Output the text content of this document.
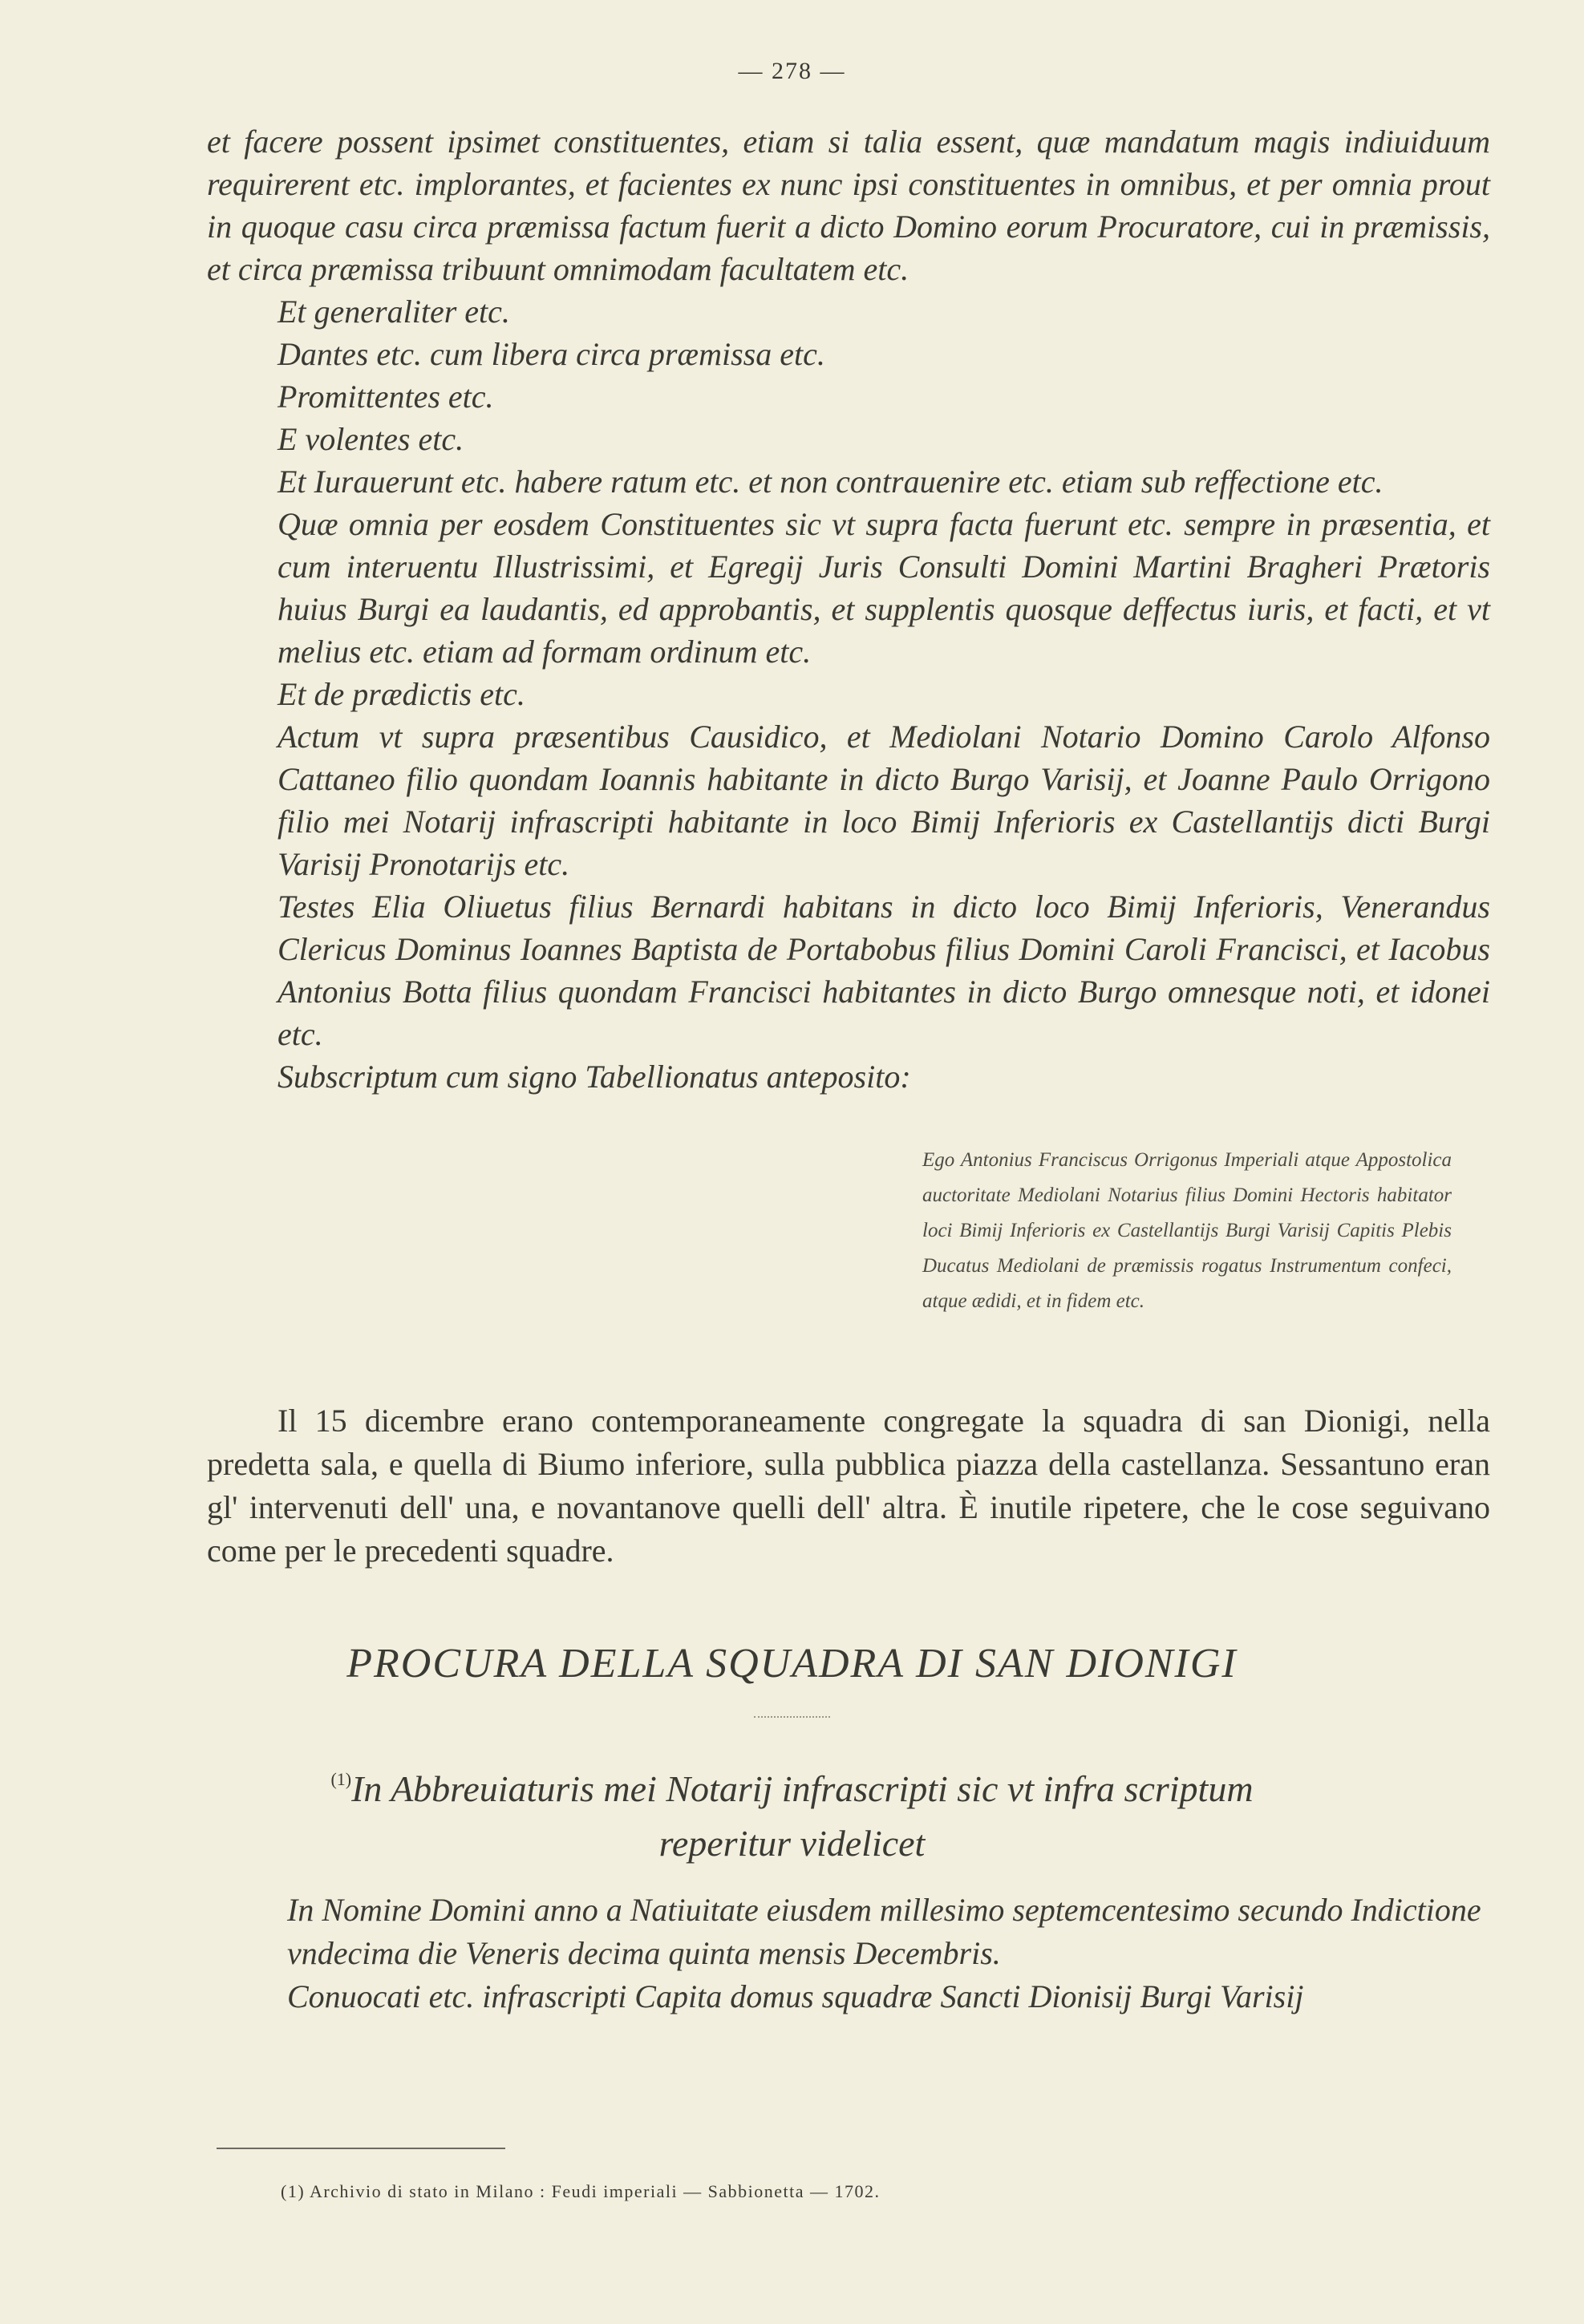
— 278 —

et facere possent ipsimet constituentes, etiam si talia essent, quæ mandatum magis indiuiduum requirerent etc. implorantes, et facientes ex nunc ipsi constituentes in omnibus, et per omnia prout in quoque casu circa præmissa factum fuerit a dicto Domino eorum Procuratore, cui in præmissis, et circa præmissa tribuunt omnimodam facultatem etc.

Et generaliter etc.

Dantes etc. cum libera circa præmissa etc.

Promittentes etc.

E volentes etc.

Et Iurauerunt etc. habere ratum etc. et non contrauenire etc. etiam sub reffectione etc.

Quæ omnia per eosdem Constituentes sic vt supra facta fuerunt etc. sempre in præsentia, et cum interuentu Illustrissimi, et Egregij Juris Consulti Domini Martini Bragheri Prætoris huius Burgi ea laudantis, ed approbantis, et supplentis quosque deffectus iuris, et facti, et vt melius etc. etiam ad formam ordinum etc.

Et de prædictis etc.

Actum vt supra præsentibus Causidico, et Mediolani Notario Domino Carolo Alfonso Cattaneo filio quondam Ioannis habitante in dicto Burgo Varisij, et Joanne Paulo Orrigono filio mei Notarij infrascripti habitante in loco Bimij Inferioris ex Castellantijs dicti Burgi Varisij Pronotarijs etc.

Testes Elia Oliuetus filius Bernardi habitans in dicto loco Bimij Inferioris, Venerandus Clericus Dominus Ioannes Baptista de Portabobus filius Domini Caroli Francisci, et Iacobus Antonius Botta filius quondam Francisci habitantes in dicto Burgo omnesque noti, et idonei etc.

Subscriptum cum signo Tabellionatus anteposito:

Ego Antonius Franciscus Orrigonus Imperiali atque Appostolica auctoritate Mediolani Notarius filius Domini Hectoris habitator loci Bimij Inferioris ex Castellantijs Burgi Varisij Capitis Plebis Ducatus Mediolani de præmissis rogatus Instrumentum confeci, atque ædidi, et in fidem etc.

Il 15 dicembre erano contemporaneamente congregate la squadra di san Dionigi, nella predetta sala, e quella di Biumo inferiore, sulla pubblica piazza della castellanza. Sessantuno eran gl' intervenuti dell' una, e novantanove quelli dell' altra. È inutile ripetere, che le cose seguivano come per le precedenti squadre.

PROCURA DELLA SQUADRA DI SAN DIONIGI
$^{(1)}$In Abbreuiaturis mei Notarij infrascripti sic vt infra scriptum
reperitur videlicet

In Nomine Domini anno a Natiuitate eiusdem millesimo septemcentesimo secundo Indictione vndecima die Veneris decima quinta mensis Decembris.

Conuocati etc. infrascripti Capita domus squadræ Sancti Dionisij Burgi Varisij

(1) Archivio di stato in Milano : Feudi imperiali — Sabbionetta — 1702.
